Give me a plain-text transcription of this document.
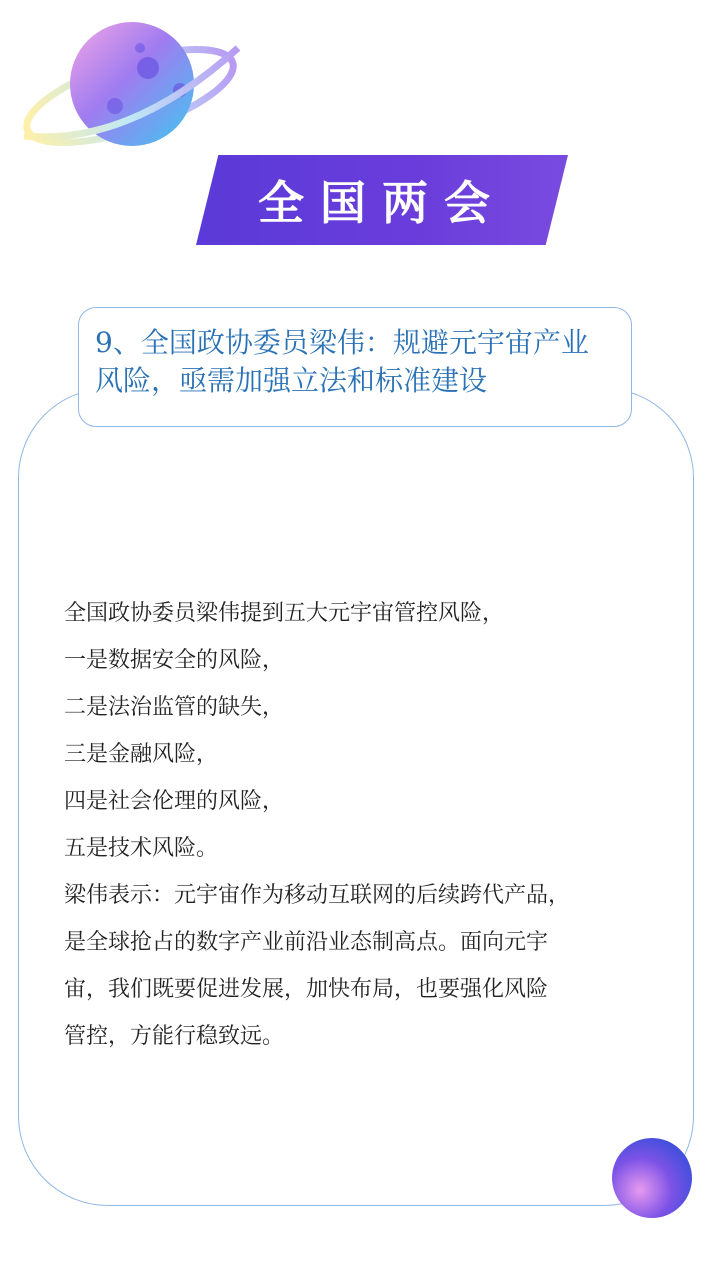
全国两会

9、全国政协委员梁伟：规避元宇宙产业风险，亟需加强立法和标准建设

全国政协委员梁伟提到五大元宇宙管控风险，

一是数据安全的风险，

二是法治监管的缺失，

三是金融风险，

四是社会伦理的风险，

五是技术风险。

梁伟表示：元宇宙作为移动互联网的后续跨代产品，

是全球抢占的数字产业前沿业态制高点。面向元宇

宙，我们既要促进发展，加快布局，也要强化风险

管控，方能行稳致远。
